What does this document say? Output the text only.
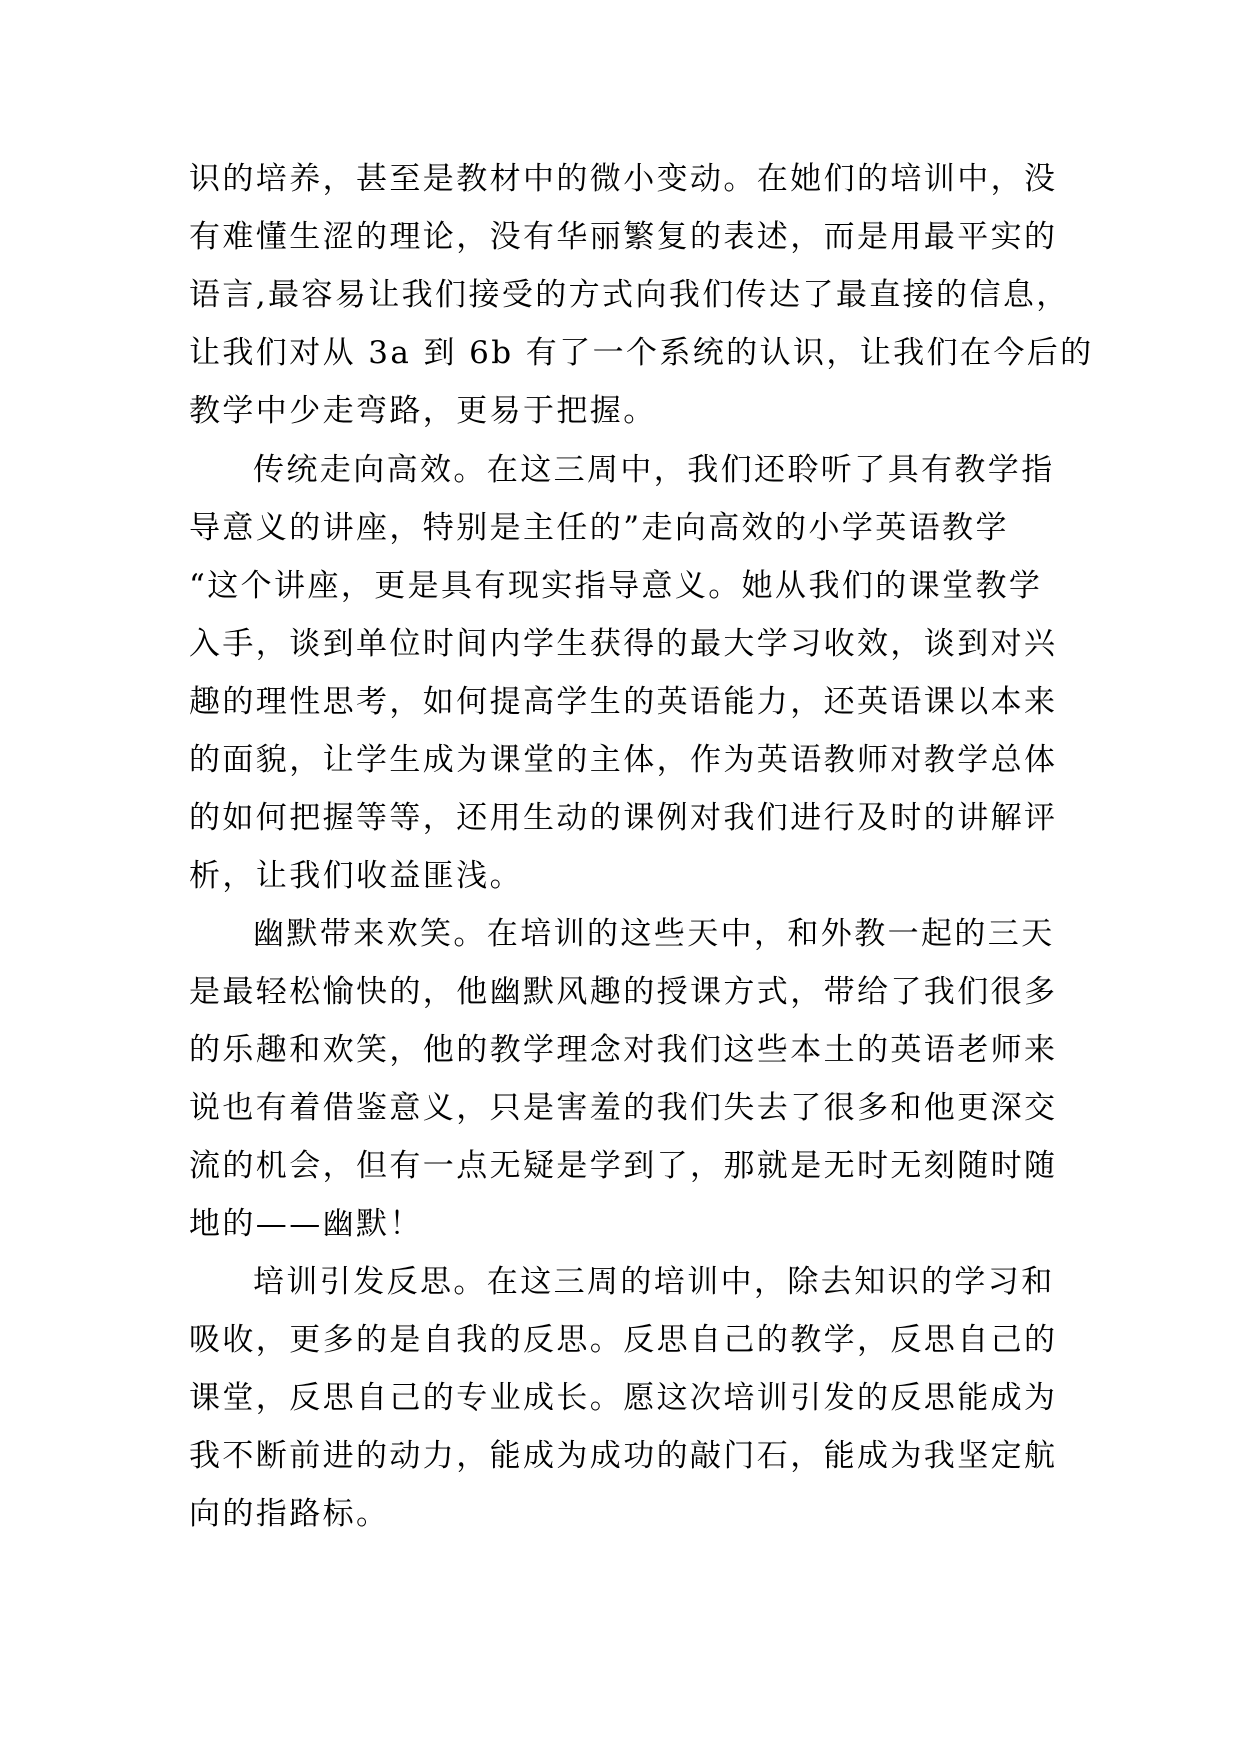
识的培养，甚至是教材中的微小变动。在她们的培训中，没
有难懂生涩的理论，没有华丽繁复的表述，而是用最平实的
语言,最容易让我们接受的方式向我们传达了最直接的信息，
让我们对从 3a 到 6b 有了一个系统的认识，让我们在今后的
教学中少走弯路，更易于把握。
传统走向高效。在这三周中，我们还聆听了具有教学指
导意义的讲座，特别是主任的”走向高效的小学英语教学
“这个讲座，更是具有现实指导意义。她从我们的课堂教学
入手，谈到单位时间内学生获得的最大学习收效，谈到对兴
趣的理性思考，如何提高学生的英语能力，还英语课以本来
的面貌，让学生成为课堂的主体，作为英语教师对教学总体
的如何把握等等，还用生动的课例对我们进行及时的讲解评
析，让我们收益匪浅。
幽默带来欢笑。在培训的这些天中，和外教一起的三天
是最轻松愉快的，他幽默风趣的授课方式，带给了我们很多
的乐趣和欢笑，他的教学理念对我们这些本土的英语老师来
说也有着借鉴意义，只是害羞的我们失去了很多和他更深交
流的机会，但有一点无疑是学到了，那就是无时无刻随时随
地的——幽默！
培训引发反思。在这三周的培训中，除去知识的学习和
吸收，更多的是自我的反思。反思自己的教学，反思自己的
课堂，反思自己的专业成长。愿这次培训引发的反思能成为
我不断前进的动力，能成为成功的敲门石，能成为我坚定航
向的指路标。
